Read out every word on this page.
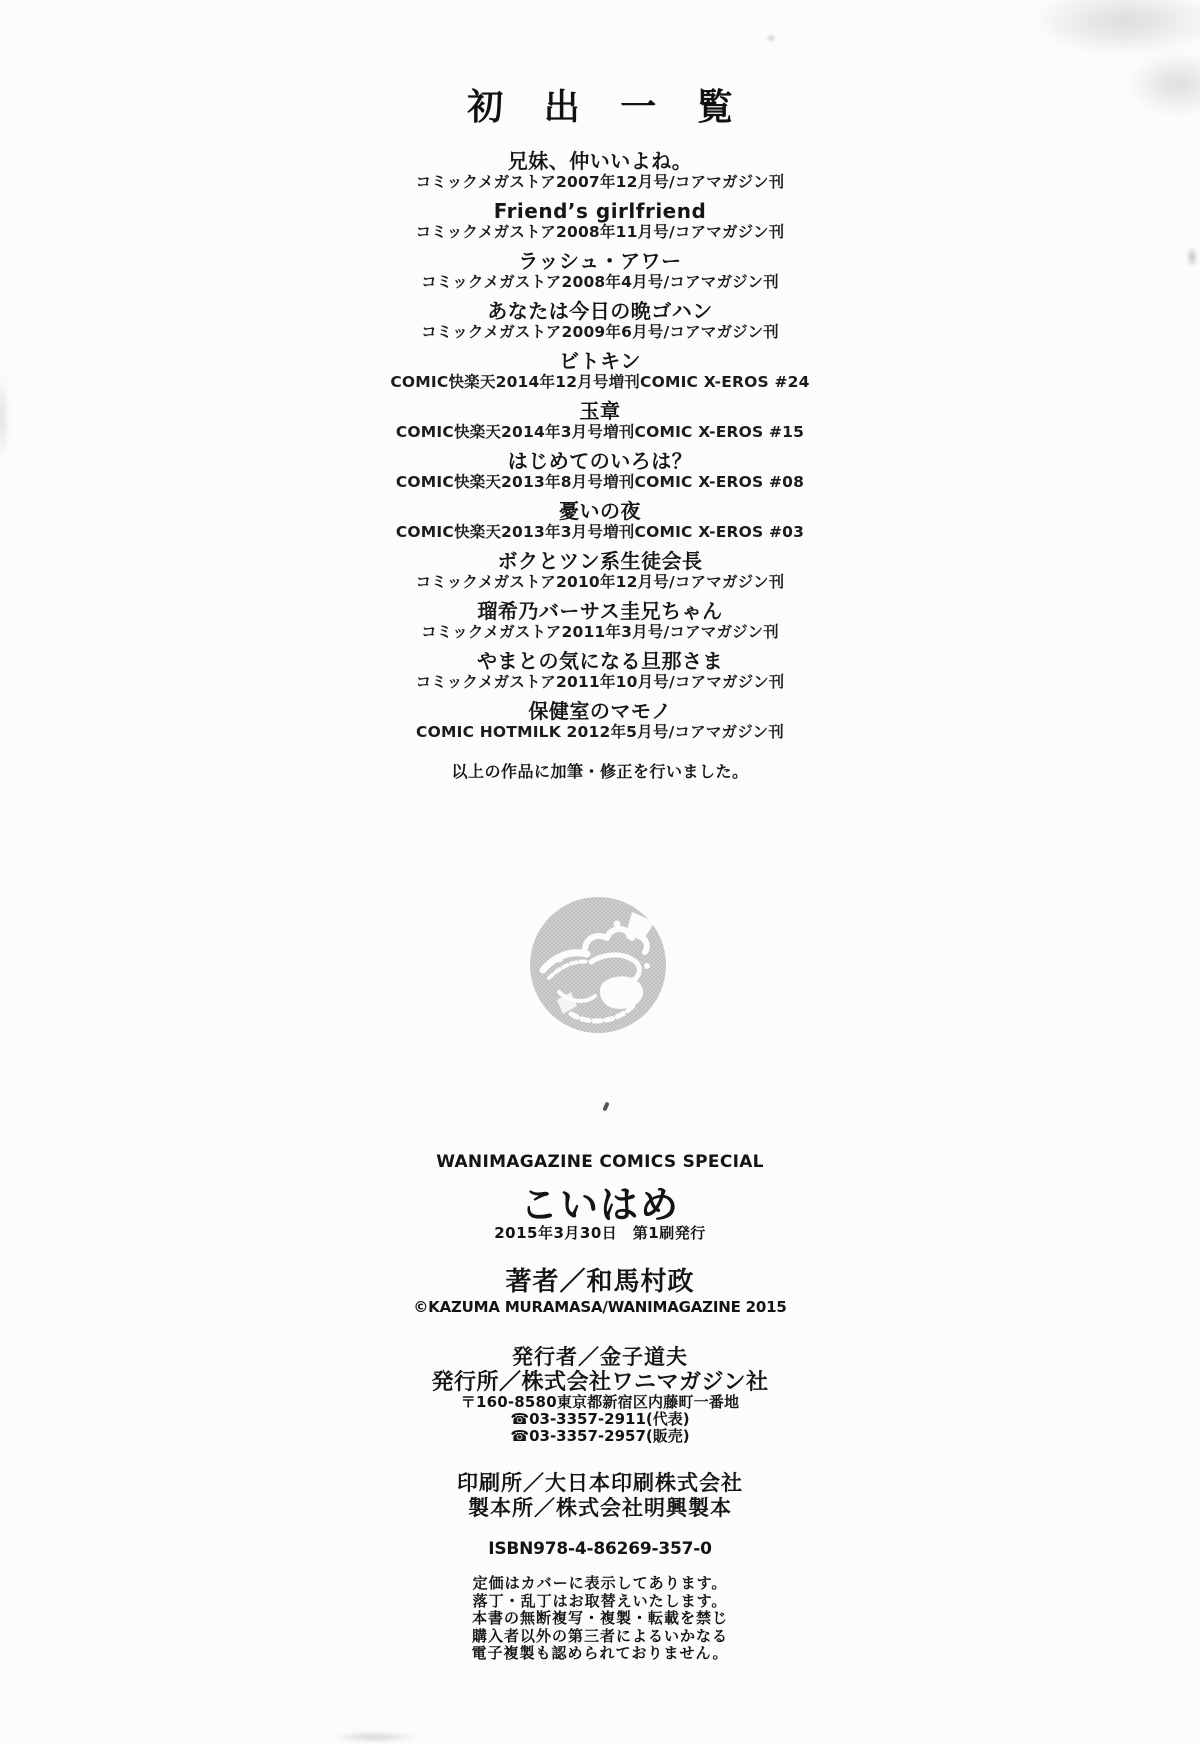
初 出 一 覧
兄妹、仲いいよね。
コミックメガストア2007年12月号/コアマガジン刊
Friend’s girlfriend
コミックメガストア2008年11月号/コアマガジン刊
ラッシュ・アワー
コミックメガストア2008年4月号/コアマガジン刊
あなたは今日の晩ゴハン
コミックメガストア2009年6月号/コアマガジン刊
ビトキン
COMIC快楽天2014年12月号増刊COMIC X-EROS #24
玉章
COMIC快楽天2014年3月号増刊COMIC X-EROS #15
はじめてのいろは？
COMIC快楽天2013年8月号増刊COMIC X-EROS #08
憂いの夜
COMIC快楽天2013年3月号増刊COMIC X-EROS #03
ボクとツン系生徒会長
コミックメガストア2010年12月号/コアマガジン刊
瑠希乃バーサス圭兄ちゃん
コミックメガストア2011年3月号/コアマガジン刊
やまとの気になる旦那さま
コミックメガストア2011年10月号/コアマガジン刊
保健室のマモノ
COMIC HOTMILK 2012年5月号/コアマガジン刊
以上の作品に加筆・修正を行いました。
WANIMAGAZINE COMICS SPECIAL
こいはめ
2015年3月30日　第1刷発行
著者／和馬村政
©KAZUMA MURAMASA/WANIMAGAZINE 2015
発行者／金子道夫
発行所／株式会社ワニマガジン社
〒160-8580東京都新宿区内藤町一番地
☎03-3357-2911(代表)
☎03-3357-2957(販売)
印刷所／大日本印刷株式会社
製本所／株式会社明興製本
ISBN978-4-86269-357-0
定価はカバーに表示してあります。
落丁・乱丁はお取替えいたします。
本書の無断複写・複製・転載を禁じ
購入者以外の第三者によるいかなる
電子複製も認められておりません。
